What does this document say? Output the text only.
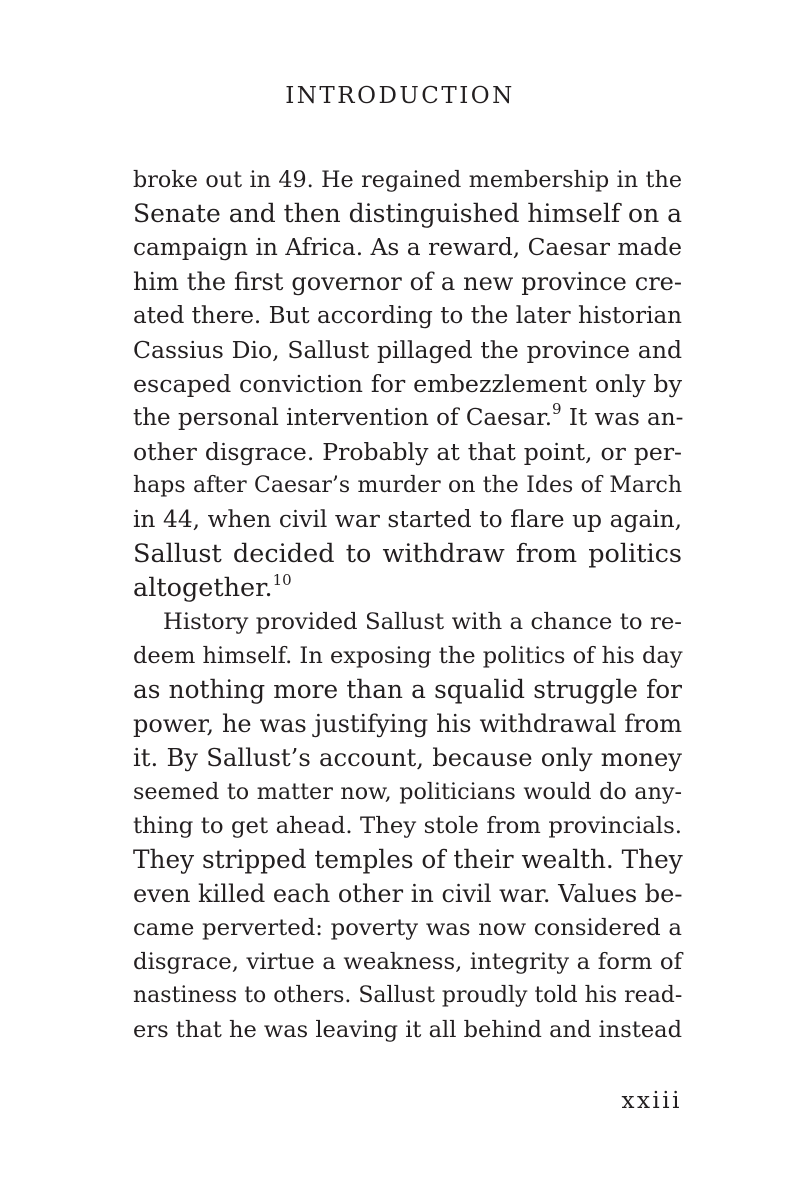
INTRODUCTION
broke out in 49. He regained membership in the
Senate and then distinguished himself on a
campaign in Africa. As a reward, Caesar made
him the first governor of a new province cre-
ated there. But according to the later historian
Cassius Dio, Sallust pillaged the province and
escaped conviction for embezzlement only by
the personal intervention of Caesar.$^9$ It was an-
other disgrace. Probably at that point, or per-
haps after Caesar’s murder on the Ides of March
in 44, when civil war started to flare up again,
Sallust decided to withdraw from politics
altogether.$^{10}$
History provided Sallust with a chance to re-
deem himself. In exposing the politics of his day
as nothing more than a squalid struggle for
power, he was justifying his withdrawal from
it. By Sallust’s account, because only money
seemed to matter now, politicians would do any-
thing to get ahead. They stole from provincials.
They stripped temples of their wealth. They
even killed each other in civil war. Values be-
came perverted: poverty was now considered a
disgrace, virtue a weakness, integrity a form of
nastiness to others. Sallust proudly told his read-
ers that he was leaving it all behind and instead
xxiii
